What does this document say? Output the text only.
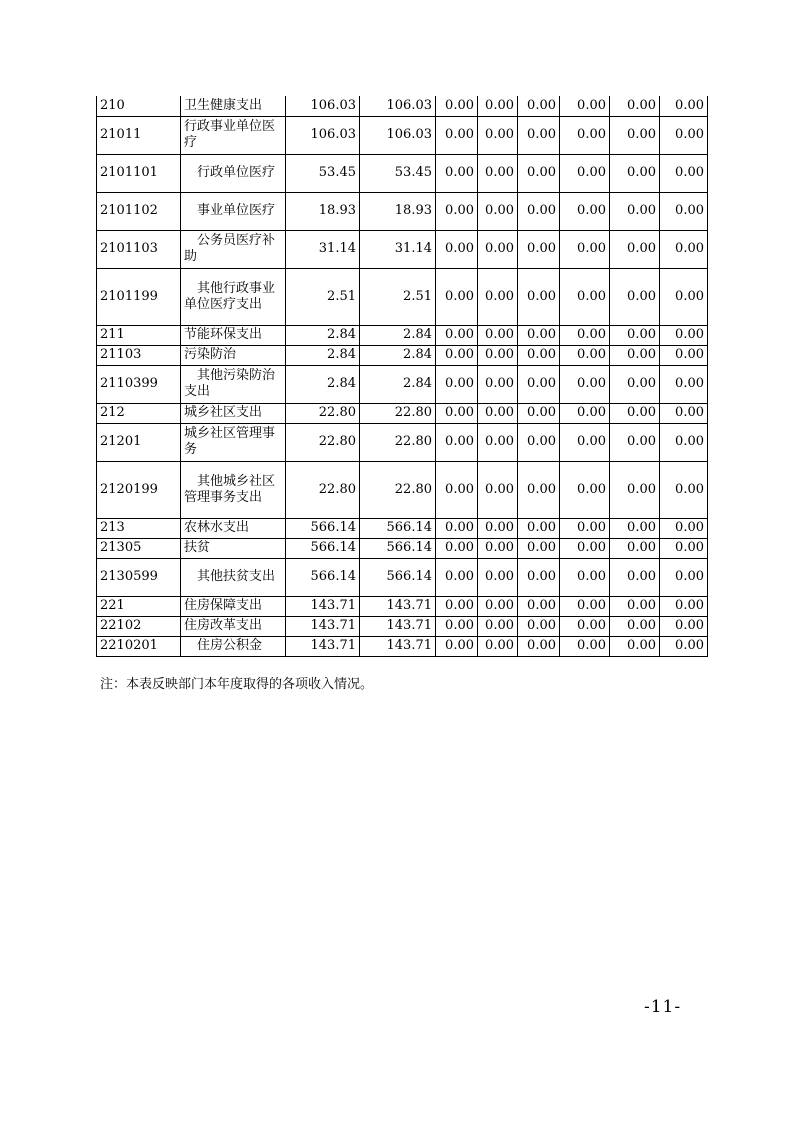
210	卫生健康支出	106.03	106.03	0.00	0.00	0.00	0.00	0.00	0.00
21011	行政事业单位医疗	106.03	106.03	0.00	0.00	0.00	0.00	0.00	0.00
2101101	行政单位医疗	53.45	53.45	0.00	0.00	0.00	0.00	0.00	0.00
2101102	事业单位医疗	18.93	18.93	0.00	0.00	0.00	0.00	0.00	0.00
2101103	公务员医疗补助	31.14	31.14	0.00	0.00	0.00	0.00	0.00	0.00
2101199	其他行政事业单位医疗支出	2.51	2.51	0.00	0.00	0.00	0.00	0.00	0.00
211	节能环保支出	2.84	2.84	0.00	0.00	0.00	0.00	0.00	0.00
21103	污染防治	2.84	2.84	0.00	0.00	0.00	0.00	0.00	0.00
2110399	其他污染防治支出	2.84	2.84	0.00	0.00	0.00	0.00	0.00	0.00
212	城乡社区支出	22.80	22.80	0.00	0.00	0.00	0.00	0.00	0.00
21201	城乡社区管理事务	22.80	22.80	0.00	0.00	0.00	0.00	0.00	0.00
2120199	其他城乡社区管理事务支出	22.80	22.80	0.00	0.00	0.00	0.00	0.00	0.00
213	农林水支出	566.14	566.14	0.00	0.00	0.00	0.00	0.00	0.00
21305	扶贫	566.14	566.14	0.00	0.00	0.00	0.00	0.00	0.00
2130599	其他扶贫支出	566.14	566.14	0.00	0.00	0.00	0.00	0.00	0.00
221	住房保障支出	143.71	143.71	0.00	0.00	0.00	0.00	0.00	0.00
22102	住房改革支出	143.71	143.71	0.00	0.00	0.00	0.00	0.00	0.00
2210201	住房公积金	143.71	143.71	0.00	0.00	0.00	0.00	0.00	0.00
注：本表反映部门本年度取得的各项收入情况。
-11-
